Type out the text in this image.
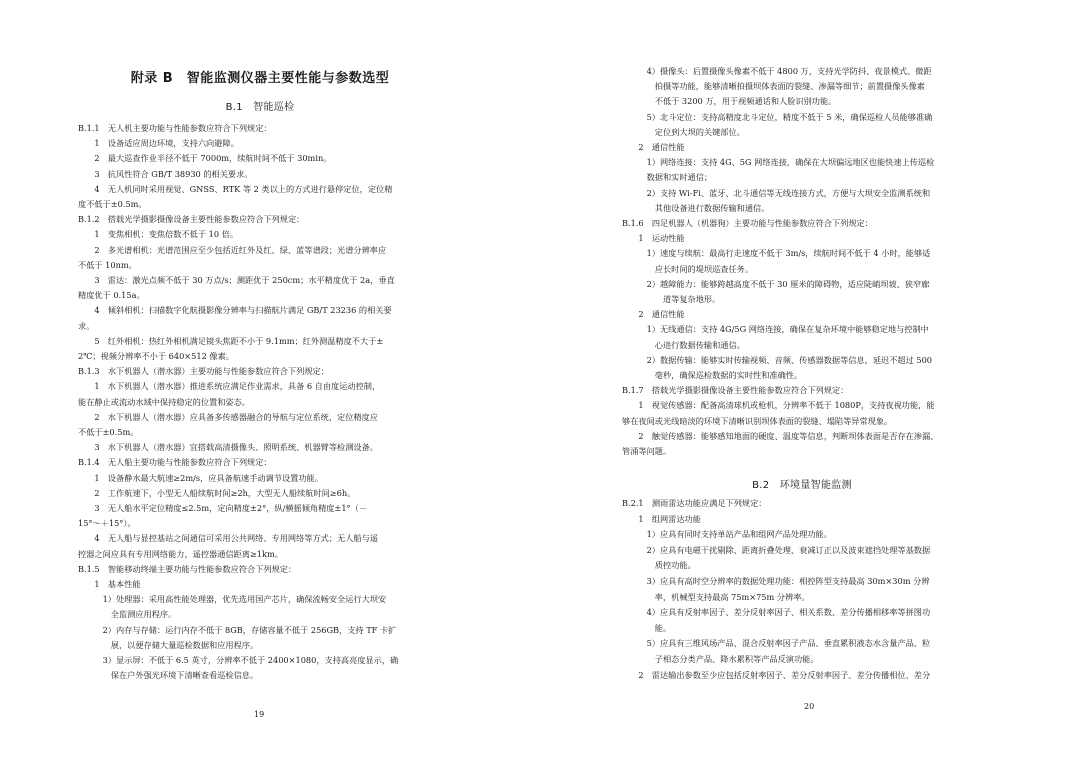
附录 B　智能监测仪器主要性能与参数选型
B.1　智能巡检
B.1.1　无人机主要功能与性能参数应符合下列规定：
　　1　设备适应周边环境，支持六向避障。
　　2　最大巡查作业半径不低于 7000m，续航时间不低于 30min。
　　3　抗风性符合 GB/T 38930 的相关要求。
　　4　无人机同时采用视觉、GNSS、RTK 等 2 类以上的方式进行悬停定位，定位精
度不低于±0.5m。
B.1.2　搭载光学摄影摄像设备主要性能参数应符合下列规定：
　　1　变焦相机：变焦倍数不低于 10 倍。
　　2　多光谱相机：光谱范围应至少包括近红外及红、绿、蓝等谱段；光谱分辨率应
不低于 10nm。
　　3　雷达：激光点频不低于 30 万点/s；测距优于 250cm；水平精度优于 2a，垂直
精度优于 0.15a。
　　4　倾斜相机：扫描数字化航摄影像分辨率与扫描航片满足 GB/T 23236 的相关要
求。
　　5　红外相机：热红外相机满足镜头焦距不小于 9.1mm；红外测温精度不大于±
2℃；视频分辨率不小于 640×512 像素。
B.1.3　水下机器人（潜水器）主要功能与性能参数应符合下列规定：
　　1　水下机器人（潜水器）推进系统应满足作业需求，具备 6 自由度运动控制，
能在静止或流动水域中保持稳定的位置和姿态。
　　2　水下机器人（潜水器）应具备多传感器融合的导航与定位系统，定位精度应
不低于±0.5m。
　　3　水下机器人（潜水器）宜搭载高清摄像头、照明系统、机器臂等检测设备。
B.1.4　无人船主要功能与性能参数应符合下列规定：
　　1　设备静水最大航速≥2m/s，应具备航速手动调节设置功能。
　　2　工作航速下，小型无人船续航时间≥2h，大型无人船续航时间≥6h。
　　3　无人船水平定位精度≤2.5m，定向精度±2°，纵/横摇倾角精度±1°（－
15°～＋15°）。
　　4　无人船与显控基站之间通信可采用公共网络、专用网络等方式；无人船与遥
控器之间应具有专用网络能力，遥控器通信距离≥1km。
B.1.5　智能移动终端主要功能与性能参数应符合下列规定：
　　1　基本性能
　　　1）处理器：采用高性能处理器，优先选用国产芯片，确保流畅安全运行大坝安
　　　　全监测应用程序。
　　　2）内存与存储：运行内存不低于 8GB，存储容量不低于 256GB，支持 TF 卡扩
　　　　展，以便存储大量巡检数据和应用程序。
　　　3）显示屏：不低于 6.5 英寸，分辨率不低于 2400×1080，支持高亮度显示，确
　　　　保在户外强光环境下清晰查看巡检信息。
19
　　　4）摄像头：后置摄像头像素不低于 4800 万，支持光学防抖、夜景模式、微距
　　　　拍摄等功能，能够清晰拍摄坝体表面的裂缝、渗漏等细节；前置摄像头像素
　　　　不低于 3200 万，用于视频通话和人脸识别功能。
　　　5）北斗定位：支持高精度北斗定位，精度不低于 5 米，确保巡检人员能够准确
　　　　定位到大坝的关键部位。
　　2　通信性能
　　　1）网络连接：支持 4G、5G 网络连接，确保在大坝偏远地区也能快速上传巡检
　　　数据和实时通信；
　　　2）支持 Wi-Fi、蓝牙、北斗通信等无线连接方式，方便与大坝安全监测系统和
　　　　其他设备进行数据传输和通信。
B.1.6　四足机器人（机器狗）主要功能与性能参数应符合下列规定：
　　1　运动性能
　　　1）速度与续航：最高行走速度不低于 3m/s，续航时间不低于 4 小时，能够适
　　　　应长时间的堤坝巡查任务。
　　　2）越障能力：能够跨越高度不低于 30 厘米的障碍物，适应陡峭坝坡、狭窄廊
　　　　　道等复杂地形。
　　2　通信性能
　　　1）无线通信：支持 4G/5G 网络连接，确保在复杂环境中能够稳定地与控制中
　　　　心进行数据传输和通信。
　　　2）数据传输：能够实时传输视频、音频、传感器数据等信息，延迟不超过 500
　　　　毫秒，确保巡检数据的实时性和准确性。
B.1.7　搭载光学摄影摄像设备主要性能参数应符合下列规定：
　　1　视觉传感器：配备高清球机或枪机，分辨率不低于 1080P，支持夜视功能，能
够在夜间或光线暗淡的环境下清晰识别坝体表面的裂缝、塌陷等异常现象。
　　2　触觉传感器：能够感知地面的硬度、温度等信息，判断坝体表面是否存在渗漏、
管涌等问题。
B.2　环境量智能监测
B.2.1　测雨雷达功能应满足下列规定：
　　1　组网雷达功能
　　　1）应具有同时支持单站产品和组网产品处理功能。
　　　2）应具有电磁干扰剔除、距离折叠处理、衰减订正以及波束遮挡处理等基数据
　　　　质控功能。
　　　3）应具有高时空分辨率的数据处理功能：相控阵型支持最高 30m×30m 分辨
　　　　率，机械型支持最高 75m×75m 分辨率。
　　　4）应具有反射率因子、差分反射率因子、相关系数、差分传播相移率等拼图功
　　　　能。
　　　5）应具有三维风场产品、混合反射率因子产品、垂直累积液态水含量产品、粒
　　　　子相态分类产品、降水累积等产品反演功能。
　　2　雷达输出参数至少应包括反射率因子、差分反射率因子、差分传播相位、差分
20
